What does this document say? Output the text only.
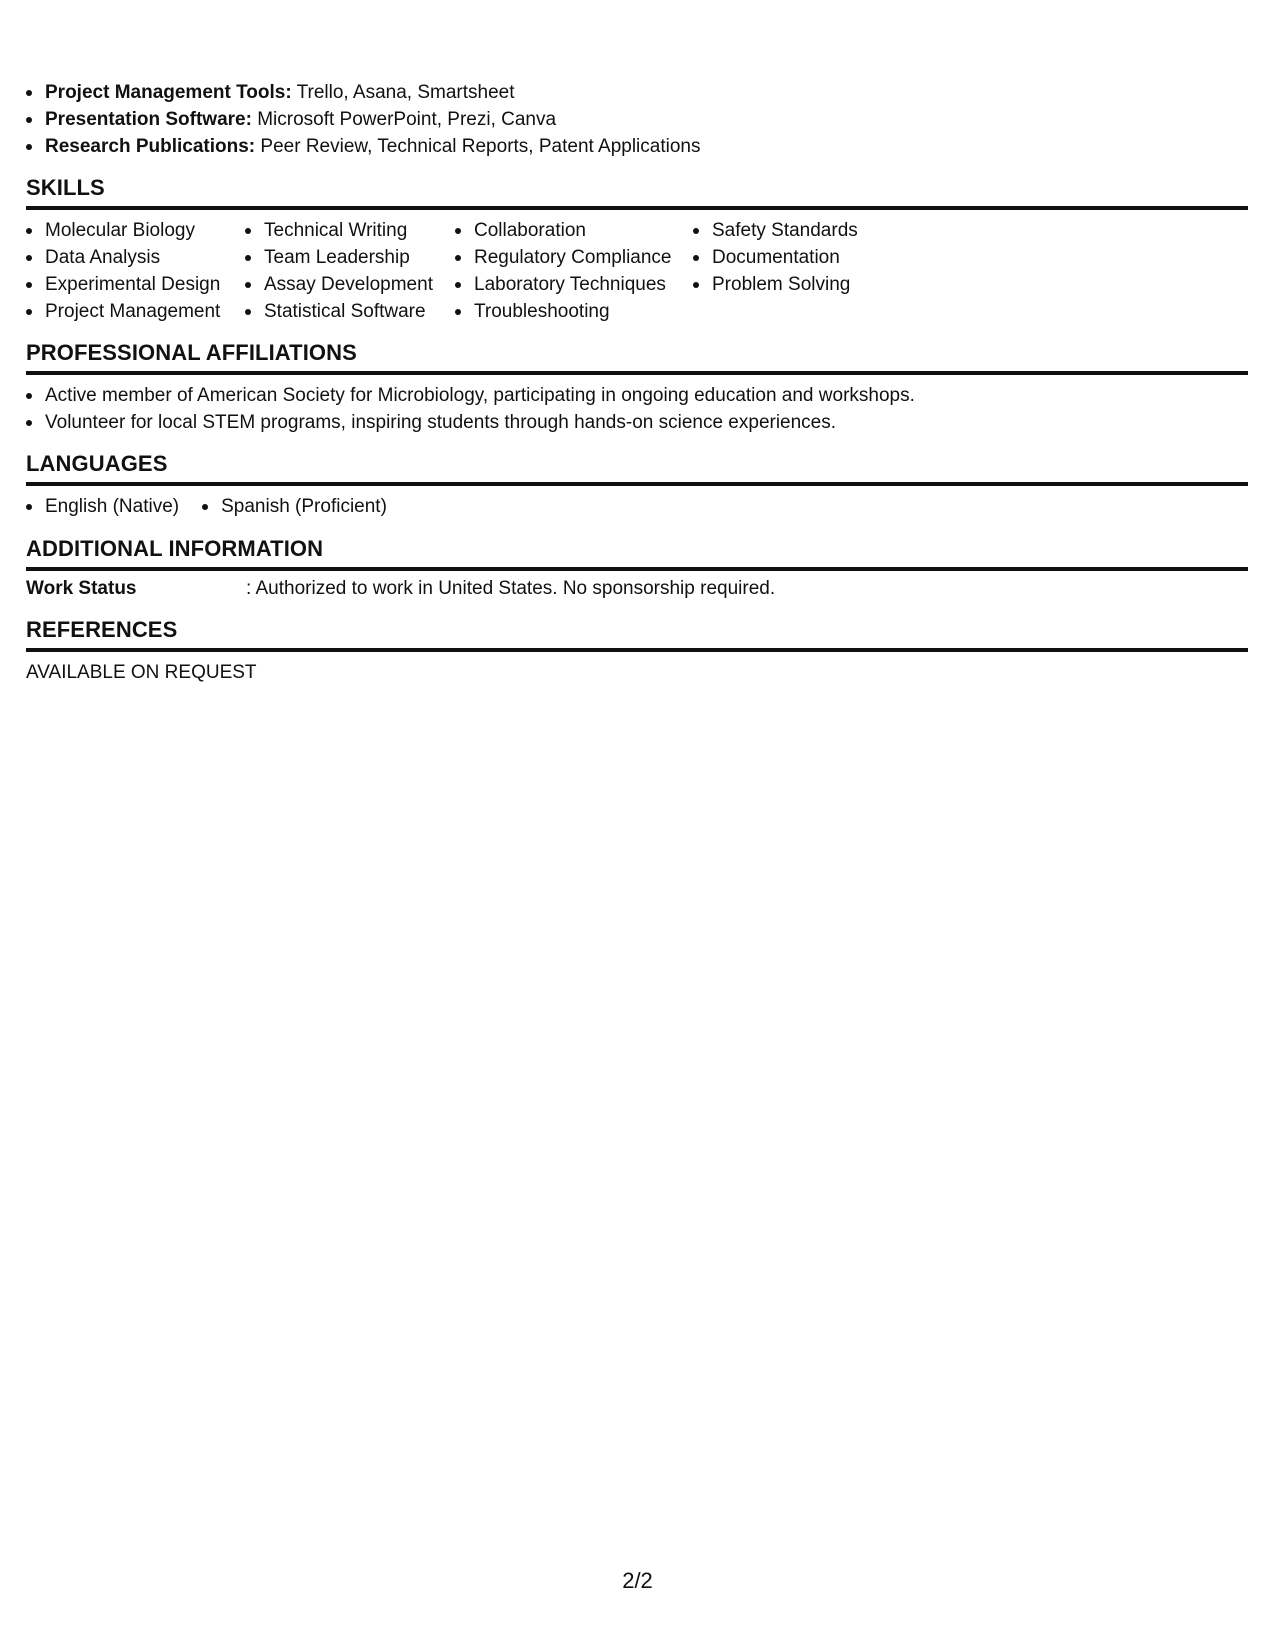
Project Management Tools: Trello, Asana, Smartsheet
Presentation Software: Microsoft PowerPoint, Prezi, Canva
Research Publications: Peer Review, Technical Reports, Patent Applications
SKILLS
Molecular Biology
Data Analysis
Experimental Design
Project Management
Technical Writing
Team Leadership
Assay Development
Statistical Software
Collaboration
Regulatory Compliance
Laboratory Techniques
Troubleshooting
Safety Standards
Documentation
Problem Solving
PROFESSIONAL AFFILIATIONS
Active member of American Society for Microbiology, participating in ongoing education and workshops.
Volunteer for local STEM programs, inspiring students through hands-on science experiences.
LANGUAGES
English (Native)	Spanish (Proficient)
ADDITIONAL INFORMATION
Work Status	: Authorized to work in United States. No sponsorship required.
REFERENCES
AVAILABLE ON REQUEST
2/2
